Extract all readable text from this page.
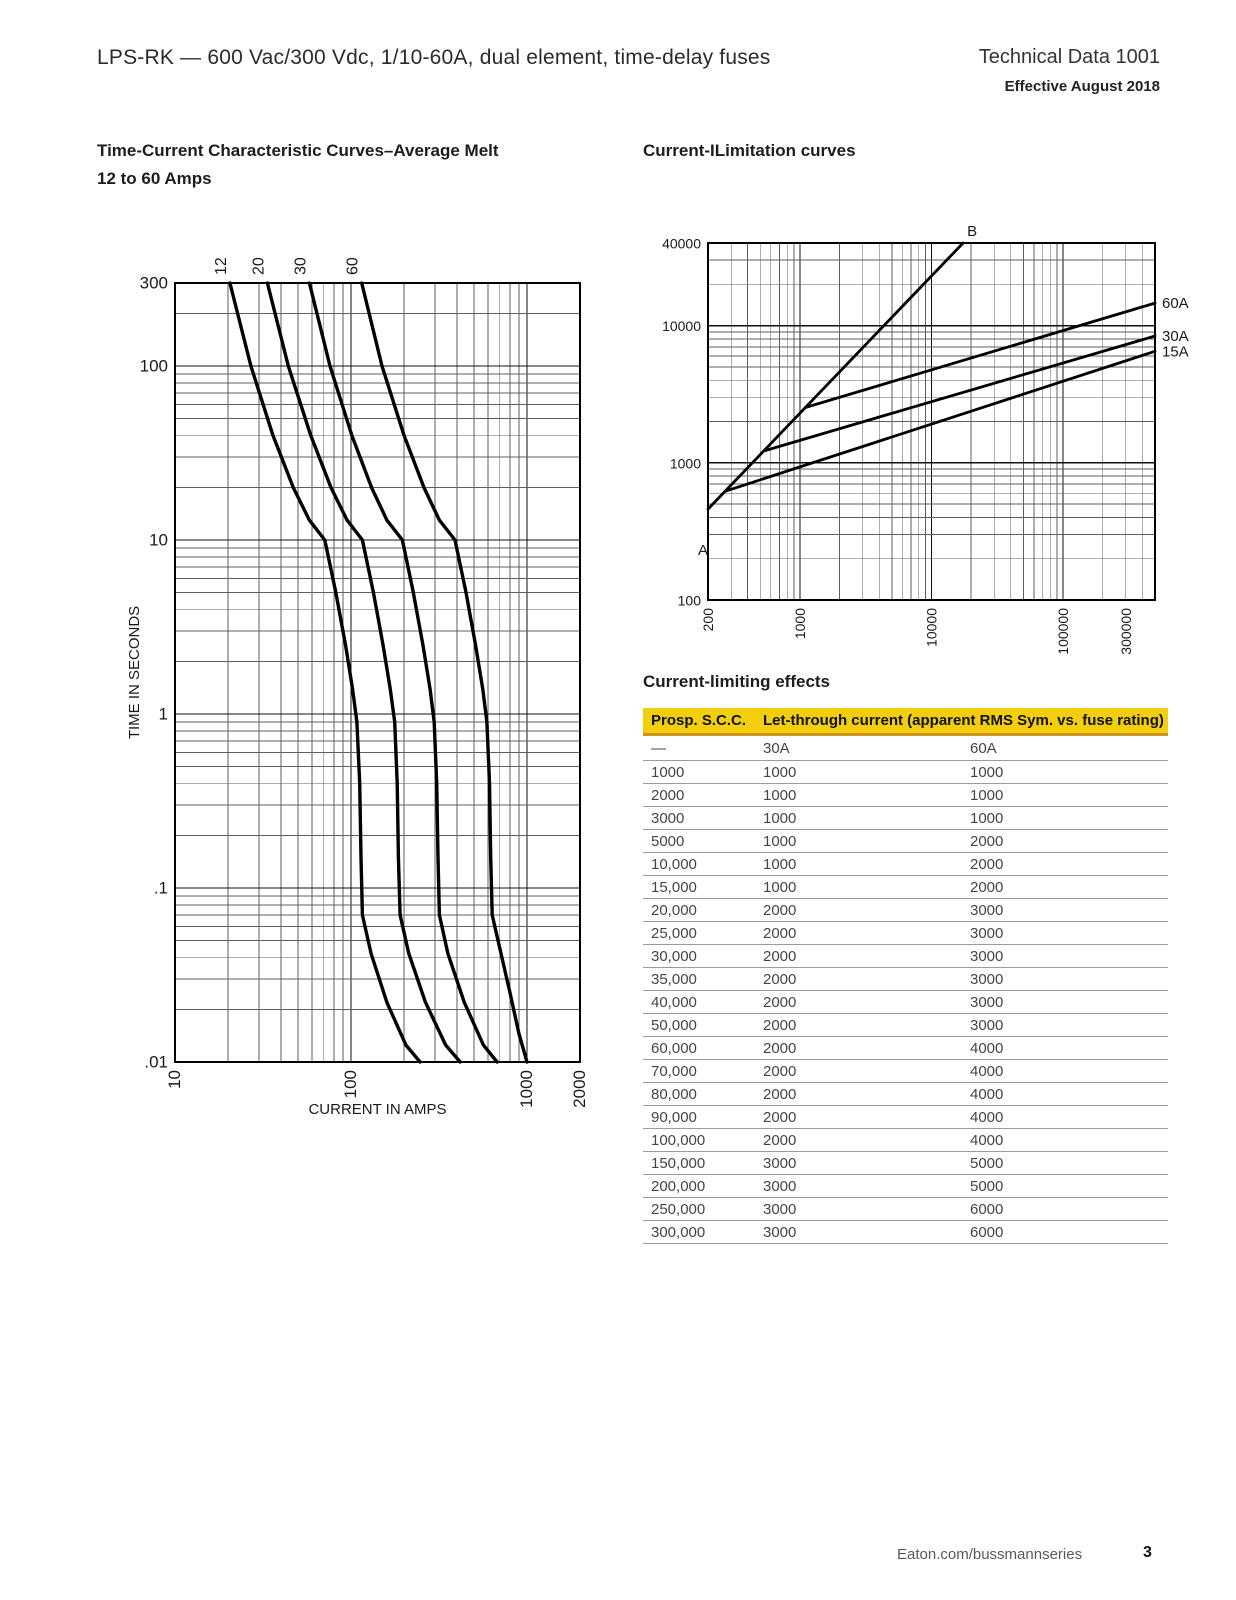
LPS-RK — 600 Vac/300 Vdc, 1/10-60A, dual element, time-delay fuses	Technical Data 1001
Effective August 2018
Time-Current Characteristic Curves–Average Melt
12 to 60 Amps
Current-ILimitation curves
Current-limiting effects
300
100
10
1
.1
.01
10	100	1000 2000
TIME IN SECONDS
CURRENT IN AMPS
12 20 30 60
40000
10000
1000
100
200	1000	10000	100000	300000
B
A
60A
30A
15A
Prosp. S.C.C.	Let-through current (apparent RMS Sym. vs. fuse rating)
—	30A	60A
1000	1000	1000
2000	1000	1000
3000	1000	1000
5000	1000	2000
10,000	1000	2000
15,000	1000	2000
20,000	2000	3000
25,000	2000	3000
30,000	2000	3000
35,000	2000	3000
40,000	2000	3000
50,000	2000	3000
60,000	2000	4000
70,000	2000	4000
80,000	2000	4000
90,000	2000	4000
100,000	2000	4000
150,000	3000	5000
200,000	3000	5000
250,000	3000	6000
300,000	3000	6000
Eaton.com/bussmannseries	3
